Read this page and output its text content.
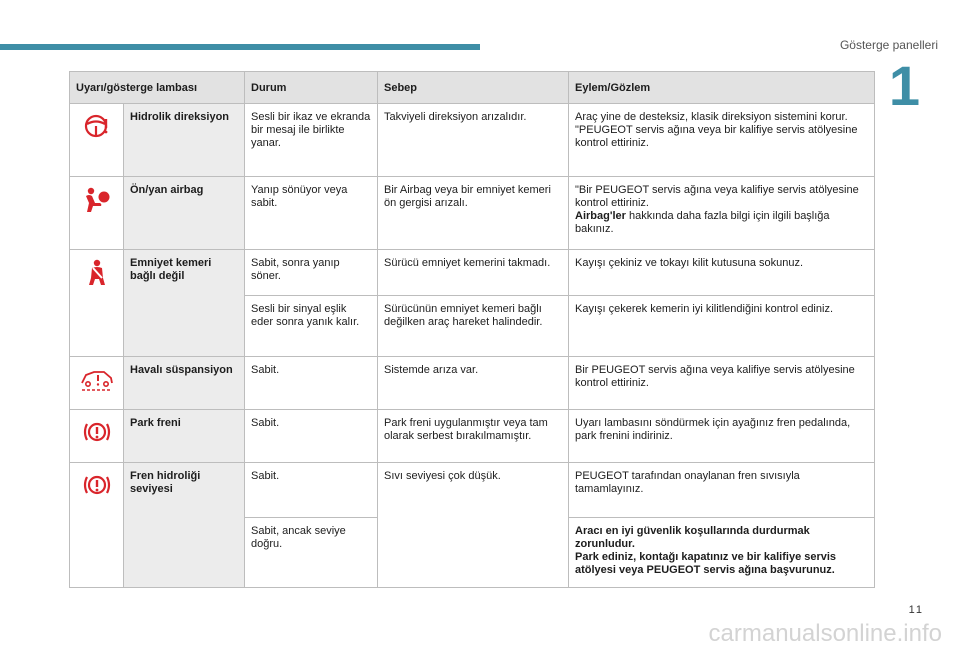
Gösterge panelleri
1
Uyarı/gösterge lambası		Durum	Sebep	Eylem/Gözlem

	Hidrolik direksiyon	Sesli bir ikaz ve ekranda bir mesaj ile birlikte yanar.	Takviyeli direksiyon arızalıdır.	Araç yine de desteksiz, klasik direksiyon sistemini korur.
"PEUGEOT servis ağına veya bir kalifiye servis atölyesine kontrol ettiriniz.

	Ön/yan airbag	Yanıp sönüyor veya sabit.	Bir Airbag veya bir emniyet kemeri ön gergisi arızalı.	"Bir PEUGEOT servis ağına veya kalifiye servis atölyesine kontrol ettiriniz.
Airbag'ler hakkında daha fazla bilgi için ilgili başlığa bakınız.

	Emniyet kemeri bağlı değil	Sabit, sonra yanıp söner.	Sürücü emniyet kemerini takmadı.	Kayışı çekiniz ve tokayı kilit kutusuna sokunuz.
		Sesli bir sinyal eşlik eder sonra yanık kalır.	Sürücünün emniyet kemeri bağlı değilken araç hareket halindedir.	Kayışı çekerek kemerin iyi kilitlendiğini kontrol ediniz.

	Havalı süspansiyon	Sabit.	Sistemde arıza var.	Bir PEUGEOT servis ağına veya kalifiye servis atölyesine kontrol ettiriniz.

	Park freni	Sabit.	Park freni uygulanmıştır veya tam olarak serbest bırakılmamıştır.	Uyarı lambasını söndürmek için ayağınız fren pedalında, park frenini indiriniz.

	Fren hidroliği seviyesi	Sabit.	Sıvı seviyesi çok düşük.	PEUGEOT tarafından onaylanan fren sıvısıyla tamamlayınız.
		Sabit, ancak seviye doğru.		Aracı en iyi güvenlik koşullarında durdurmak zorunludur.
Park ediniz, kontağı kapatınız ve bir kalifiye servis atölyesi veya PEUGEOT servis ağına başvurunuz.
11
carmanualsonline.info
